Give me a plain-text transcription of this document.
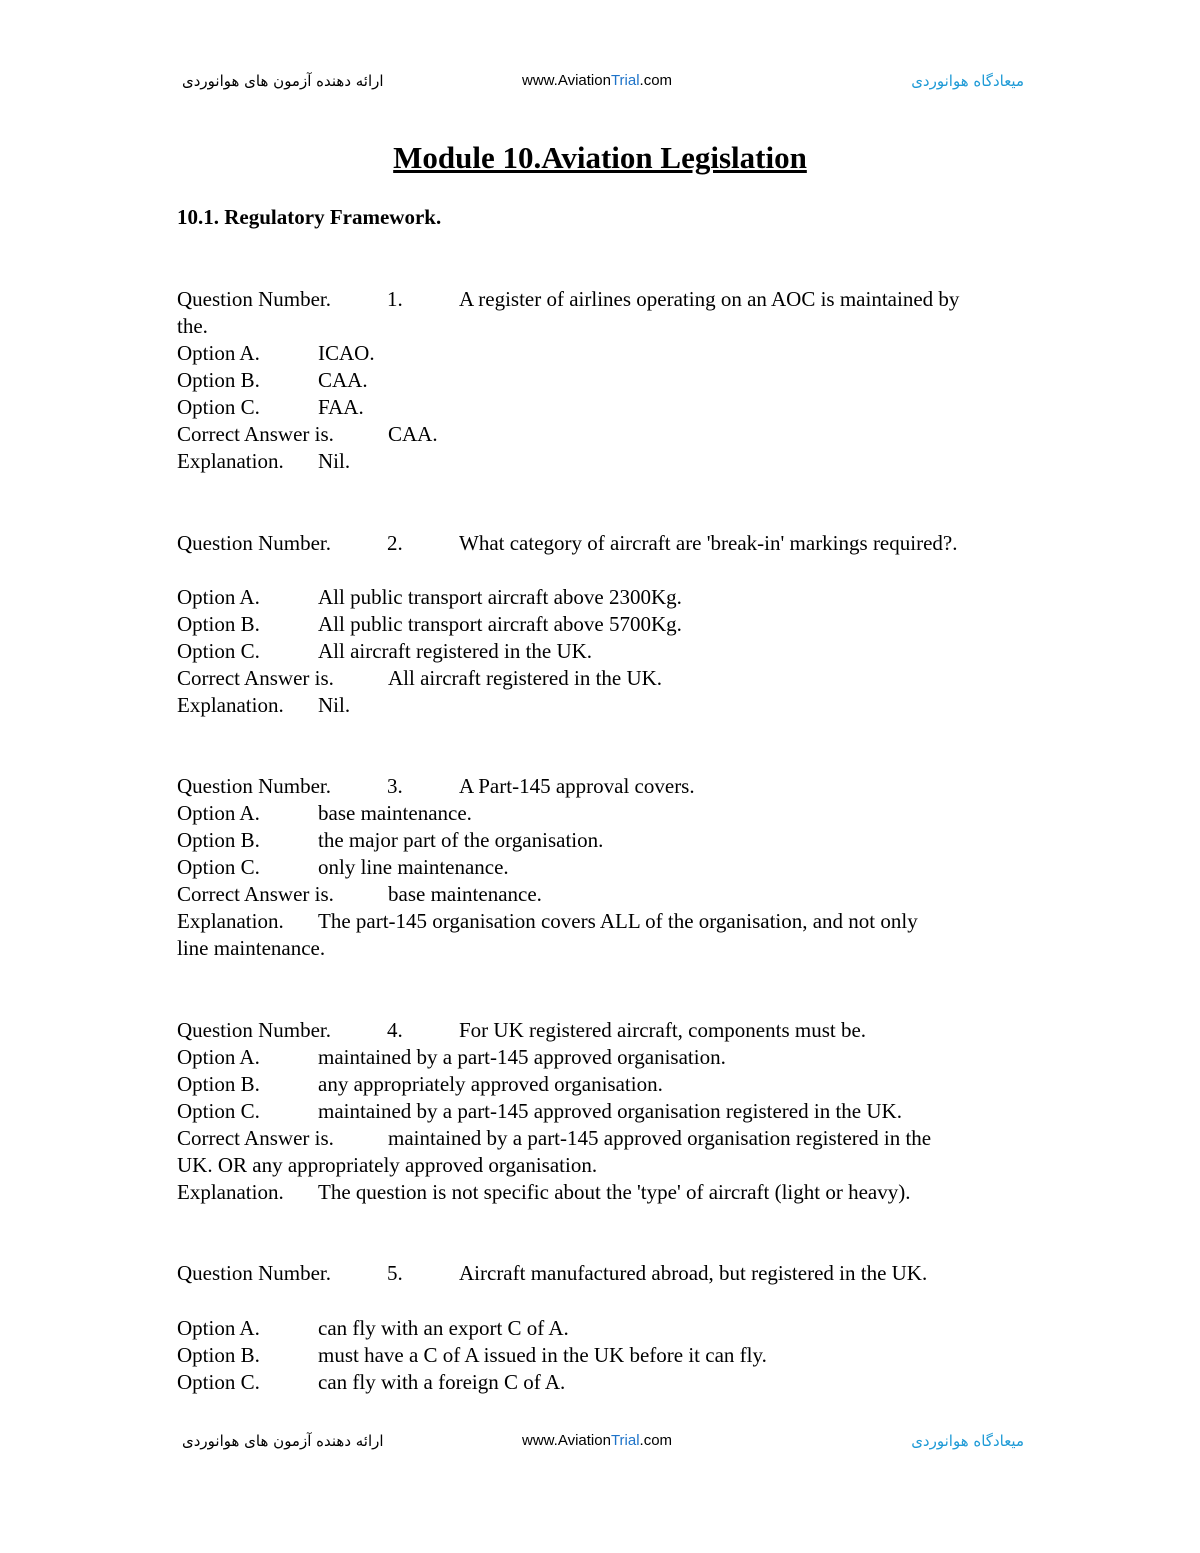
ارائه دهنده آزمون های هوانوردی	www.AviationTrial.com	میعادگاه هوانوردی
Module 10.Aviation Legislation
10.1. Regulatory Framework.
Question Number.	1.	A register of airlines operating on an AOC is maintained by
the.
Option A.	ICAO.
Option B.	CAA.
Option C.	FAA.
Correct Answer is.	CAA.
Explanation. Nil.
Question Number.	2.	What category of aircraft are 'break-in' markings required?.
Option A.	All public transport aircraft above 2300Kg.
Option B.	All public transport aircraft above 5700Kg.
Option C.	All aircraft registered in the UK.
Correct Answer is.	All aircraft registered in the UK.
Explanation. Nil.
Question Number.	3.	A Part-145 approval covers.
Option A.	base maintenance.
Option B.	the major part of the organisation.
Option C.	only line maintenance.
Correct Answer is.	base maintenance.
Explanation. The part-145 organisation covers ALL of the organisation, and not only
line maintenance.
Question Number.	4.	For UK registered aircraft, components must be.
Option A.	maintained by a part-145 approved organisation.
Option B.	any appropriately approved organisation.
Option C.	maintained by a part-145 approved organisation registered in the UK.
Correct Answer is.	maintained by a part-145 approved organisation registered in the
UK. OR any appropriately approved organisation.
Explanation. The question is not specific about the 'type' of aircraft (light or heavy).
Question Number.	5.	Aircraft manufactured abroad, but registered in the UK.
Option A.	can fly with an export C of A.
Option B.	must have a C of A issued in the UK before it can fly.
Option C.	can fly with a foreign C of A.
ارائه دهنده آزمون های هوانوردی	www.AviationTrial.com	میعادگاه هوانوردی
